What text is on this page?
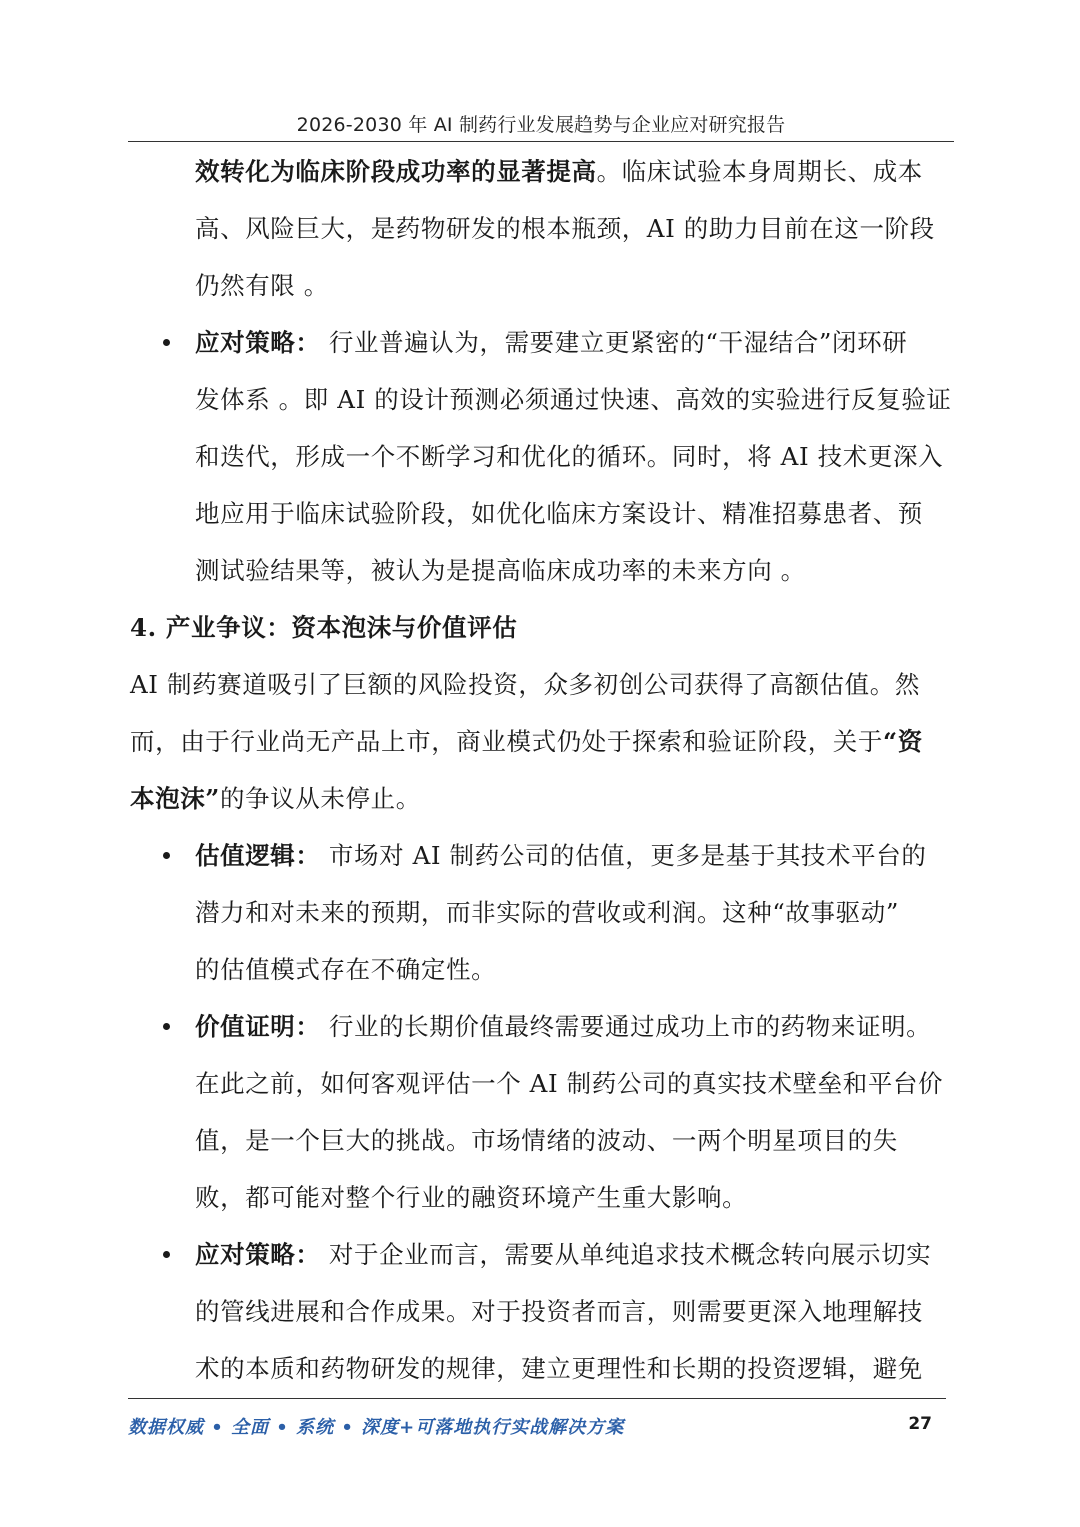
2026-2030 年 AI 制药行业发展趋势与企业应对研究报告
效转化为临床阶段成功率的显著提高。临床试验本身周期长、成本
高、风险巨大，是药物研发的根本瓶颈，AI 的助力目前在这一阶段
仍然有限 。
应对策略： 行业普遍认为，需要建立更紧密的“干湿结合”闭环研
发体系 。即 AI 的设计预测必须通过快速、高效的实验进行反复验证
和迭代，形成一个不断学习和优化的循环。同时，将 AI 技术更深入
地应用于临床试验阶段，如优化临床方案设计、精准招募患者、预
测试验结果等，被认为是提高临床成功率的未来方向 。
4. 产业争议：资本泡沫与价值评估
AI 制药赛道吸引了巨额的风险投资，众多初创公司获得了高额估值。然
而，由于行业尚无产品上市，商业模式仍处于探索和验证阶段，关于“资
本泡沫”的争议从未停止。
估值逻辑： 市场对 AI 制药公司的估值，更多是基于其技术平台的
潜力和对未来的预期，而非实际的营收或利润。这种“故事驱动”
的估值模式存在不确定性。
价值证明： 行业的长期价值最终需要通过成功上市的药物来证明。
在此之前，如何客观评估一个 AI 制药公司的真实技术壁垒和平台价
值，是一个巨大的挑战。市场情绪的波动、一两个明星项目的失
败，都可能对整个行业的融资环境产生重大影响。
应对策略： 对于企业而言，需要从单纯追求技术概念转向展示切实
的管线进展和合作成果。对于投资者而言，则需要更深入地理解技
术的本质和药物研发的规律，建立更理性和长期的投资逻辑，避免
数据权威 • 全面 • 系统 • 深度+可落地执行实战解决方案	27
